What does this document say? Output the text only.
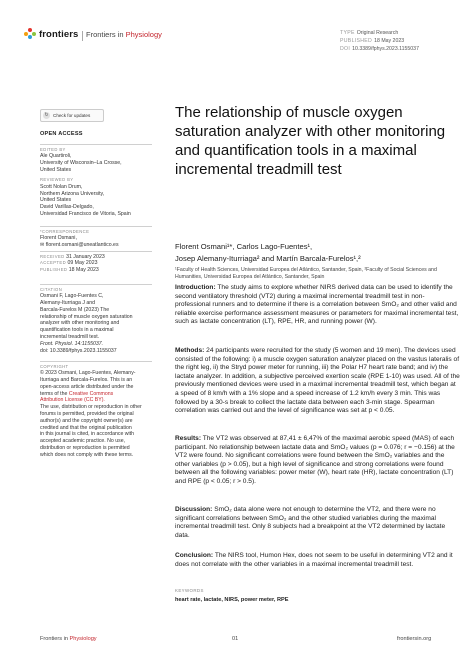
frontiers Frontiers in Physiology	TYPE Original Research
PUBLISHED 18 May 2023
DOI 10.3389/fphys.2023.1155037
↻ Check for updates
OPEN ACCESS
EDITED BY
Ale Quartiroli,
University of Wisconsin–La Crosse,
United States
REVIEWED BY
Scott Nolan Drum,
Northern Arizona University,
United States
David Varillas-Delgado,
Universidad Francisco de Vitoria, Spain
*CORRESPONDENCE
Florent Osmani,
✉ florent.osmani@uneatlantico.es
RECEIVED 31 January 2023
ACCEPTED 09 May 2023
PUBLISHED 18 May 2023
CITATION
Osmani F, Lago-Fuentes C,
Alemany-Iturriaga J and
Barcala-Furelos M (2023) The
relationship of muscle oxygen saturation
analyzer with other monitoring and
quantification tools in a maximal
incremental treadmill test.
Front. Physiol. 14:1155037.
doi: 10.3389/fphys.2023.1155037
COPYRIGHT
© 2023 Osmani, Lago-Fuentes, Alemany-
Iturriaga and Barcala-Furelos. This is an
open-access article distributed under the
terms of the Creative Commons
Attribution License (CC BY).
The use, distribution or reproduction in other
forums is permitted, provided the original
author(s) and the copyright owner(s) are
credited and that the original publication
in this journal is cited, in accordance with
accepted academic practice. No use,
distribution or reproduction is permitted
which does not comply with these terms.
The relationship of muscle oxygen saturation analyzer with other monitoring and quantification tools in a maximal incremental treadmill test
Florent Osmani¹*, Carlos Lago-Fuentes¹,
Josep Alemany-Iturriaga² and Martín Barcala-Furelos¹,²
¹Faculty of Health Sciences, Universidad Europea del Atlántico, Santander, Spain, ²Faculty of Social Sciences and Humanities, Universidad Europea del Atlántico, Santander, Spain
Introduction: The study aims to explore whether NIRS derived data can be used to identify the second ventilatory threshold (VT2) during a maximal incremental treadmill test in non-professional runners and to determine if there is a correlation between SmO₂ and other valid and reliable exercise performance assessment measures or parameters for maximal incremental test, such as lactate concentration (LT), RPE, HR, and running power (W).
Methods: 24 participants were recruited for the study (5 women and 19 men). The devices used consisted of the following: i) a muscle oxygen saturation analyzer placed on the vastus lateralis of the right leg, ii) the Stryd power meter for running, iii) the Polar H7 heart rate band; and iv) the lactate analyzer. In addition, a subjective perceived exertion scale (RPE 1-10) was used. All of the previously mentioned devices were used in a maximal incremental treadmill test, which began at a speed of 8 km/h with a 1% slope and a speed increase of 1.2 km/h every 3 min. This was followed by a 30-s break to collect the lactate data between each 3-min stage. Spearman correlation was carried out and the level of significance was set at p < 0.05.
Results: The VT2 was observed at 87,41 ± 6,47% of the maximal aerobic speed (MAS) of each participant. No relationship between lactate data and SmO₂ values (p = 0.076; r = −0.156) at the VT2 were found. No significant correlations were found between the SmO₂ variables and the other variables (p > 0.05), but a high level of significance and strong correlations were found between all the following variables: power meter (W), heart rate (HR), lactate concentration (LT) and RPE (p < 0.05; r > 0.5).
Discussion: SmO₂ data alone were not enough to determine the VT2, and there were no significant correlations between SmO₂ and the other studied variables during the maximal incremental treadmill test. Only 8 subjects had a breakpoint at the VT2 determined by lactate data.
Conclusion: The NIRS tool, Humon Hex, does not seem to be useful in determining VT2 and it does not correlate with the other variables in a maximal incremental treadmill test.
KEYWORDS
heart rate, lactate, NIRS, power meter, RPE
Frontiers in Physiology	01	frontiersin.org
